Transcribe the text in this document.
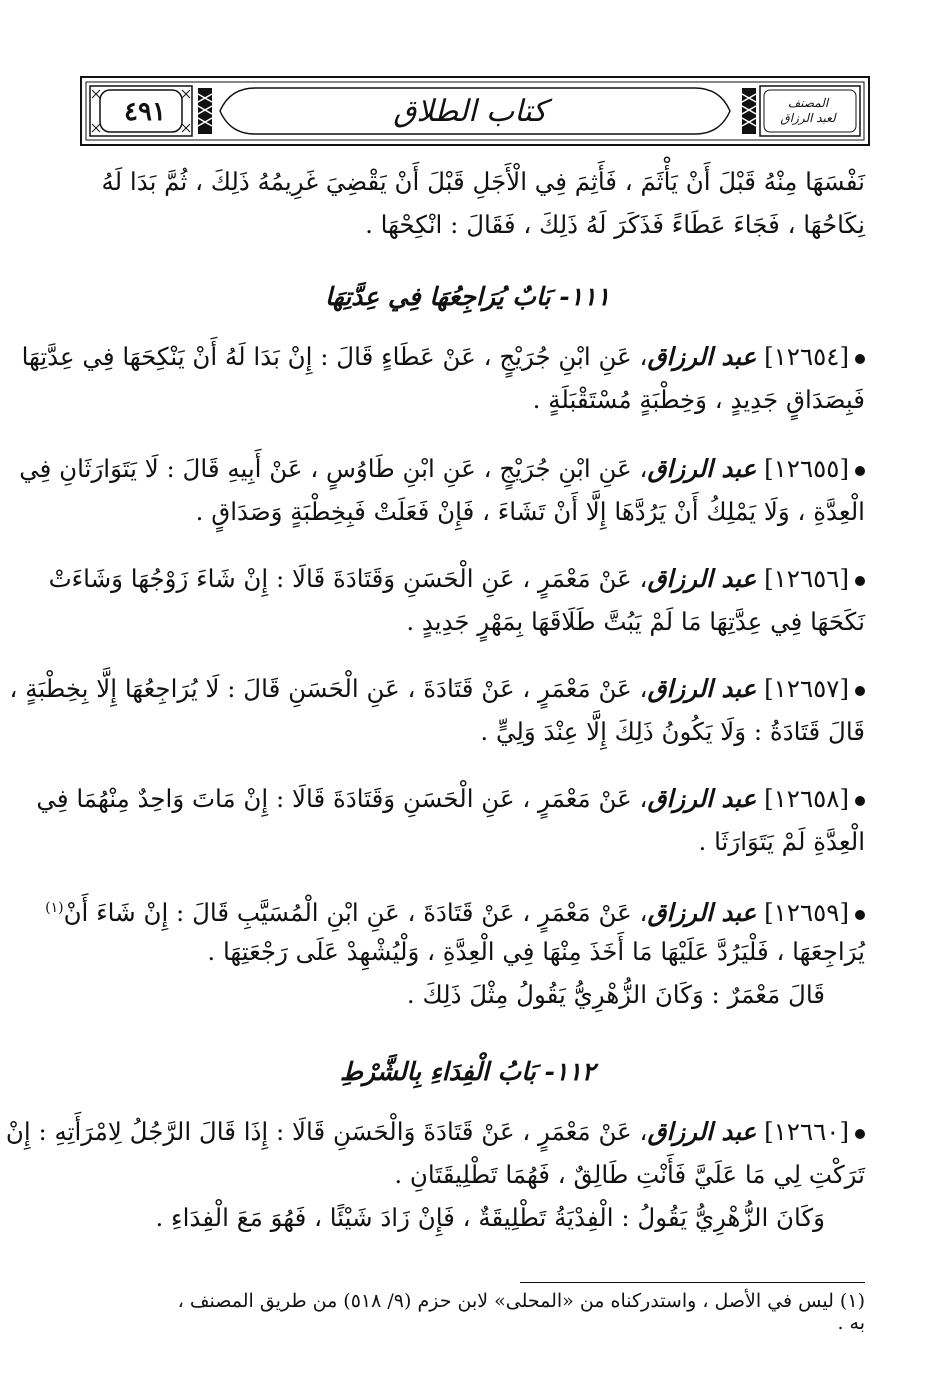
٤٩١	كتاب الطلاق	المصنف
لعبد الرزاق
نَفْسَهَا مِنْهُ قَبْلَ أَنْ يَأْثَمَ ، فَأَثِمَ فِي الْأَجَلِ قَبْلَ أَنْ يَقْضِيَ غَرِيمُهُ ذَلِكَ ، ثُمَّ بَدَا لَهُ
نِكَاحُهَا ، فَجَاءَ عَطَاءً فَذَكَرَ لَهُ ذَلِكَ ، فَقَالَ : انْكِحْهَا .
١١١- بَابٌ يُرَاجِعُهَا فِي عِدَّتِهَا
[١٢٦٥٤] عبد الرزاق، عَنِ ابْنِ جُرَيْجٍ ، عَنْ عَطَاءٍ قَالَ : إِنْ بَدَا لَهُ أَنْ يَنْكِحَهَا فِي عِدَّتِهَا
فَبِصَدَاقٍ جَدِيدٍ ، وَخِطْبَةٍ مُسْتَقْبَلَةٍ .
[١٢٦٥٥] عبد الرزاق، عَنِ ابْنِ جُرَيْجٍ ، عَنِ ابْنِ طَاوُسٍ ، عَنْ أَبِيهِ قَالَ : لَا يَتَوَارَثَانِ فِي
الْعِدَّةِ ، وَلَا يَمْلِكُ أَنْ يَرُدَّهَا إِلَّا أَنْ تَشَاءَ ، فَإِنْ فَعَلَتْ فَبِخِطْبَةٍ وَصَدَاقٍ .
[١٢٦٥٦] عبد الرزاق، عَنْ مَعْمَرٍ ، عَنِ الْحَسَنِ وَقَتَادَةَ قَالَا : إِنْ شَاءَ زَوْجُهَا وَشَاءَتْ
نَكَحَهَا فِي عِدَّتِهَا مَا لَمْ يَبُتَّ طَلَاقَهَا بِمَهْرٍ جَدِيدٍ .
[١٢٦٥٧] عبد الرزاق، عَنْ مَعْمَرٍ ، عَنْ قَتَادَةَ ، عَنِ الْحَسَنِ قَالَ : لَا يُرَاجِعُهَا إِلَّا بِخِطْبَةٍ ،
قَالَ قَتَادَةُ : وَلَا يَكُونُ ذَلِكَ إِلَّا عِنْدَ وَلِيٍّ .
[١٢٦٥٨] عبد الرزاق، عَنْ مَعْمَرٍ ، عَنِ الْحَسَنِ وَقَتَادَةَ قَالَا : إِنْ مَاتَ وَاحِدٌ مِنْهُمَا فِي
الْعِدَّةِ لَمْ يَتَوَارَثَا .
[١٢٦٥٩] عبد الرزاق، عَنْ مَعْمَرٍ ، عَنْ قَتَادَةَ ، عَنِ ابْنِ الْمُسَيَّبِ قَالَ : إِنْ شَاءَ أَنْ$^{(١)}$
يُرَاجِعَهَا ، فَلْيَرُدَّ عَلَيْهَا مَا أَخَذَ مِنْهَا فِي الْعِدَّةِ ، وَلْيُشْهِدْ عَلَى رَجْعَتِهَا .
قَالَ مَعْمَرٌ : وَكَانَ الزُّهْرِيُّ يَقُولُ مِثْلَ ذَلِكَ .
١١٢- بَابُ الْفِدَاءِ بِالشَّرْطِ
[١٢٦٦٠] عبد الرزاق، عَنْ مَعْمَرٍ ، عَنْ قَتَادَةَ وَالْحَسَنِ قَالَا : إِذَا قَالَ الرَّجُلُ لِامْرَأَتِهِ : إِنْ
تَرَكْتِ لِي مَا عَلَيَّ فَأَنْتِ طَالِقٌ ، فَهُمَا تَطْلِيقَتَانِ .
وَكَانَ الزُّهْرِيُّ يَقُولُ : الْفِدْيَةُ تَطْلِيقَةٌ ، فَإِنْ زَادَ شَيْئًا ، فَهُوَ مَعَ الْفِدَاءِ .
(١) ليس في الأصل ، واستدركناه من «المحلى» لابن حزم (٩/ ٥١٨) من طريق المصنف ، به .
